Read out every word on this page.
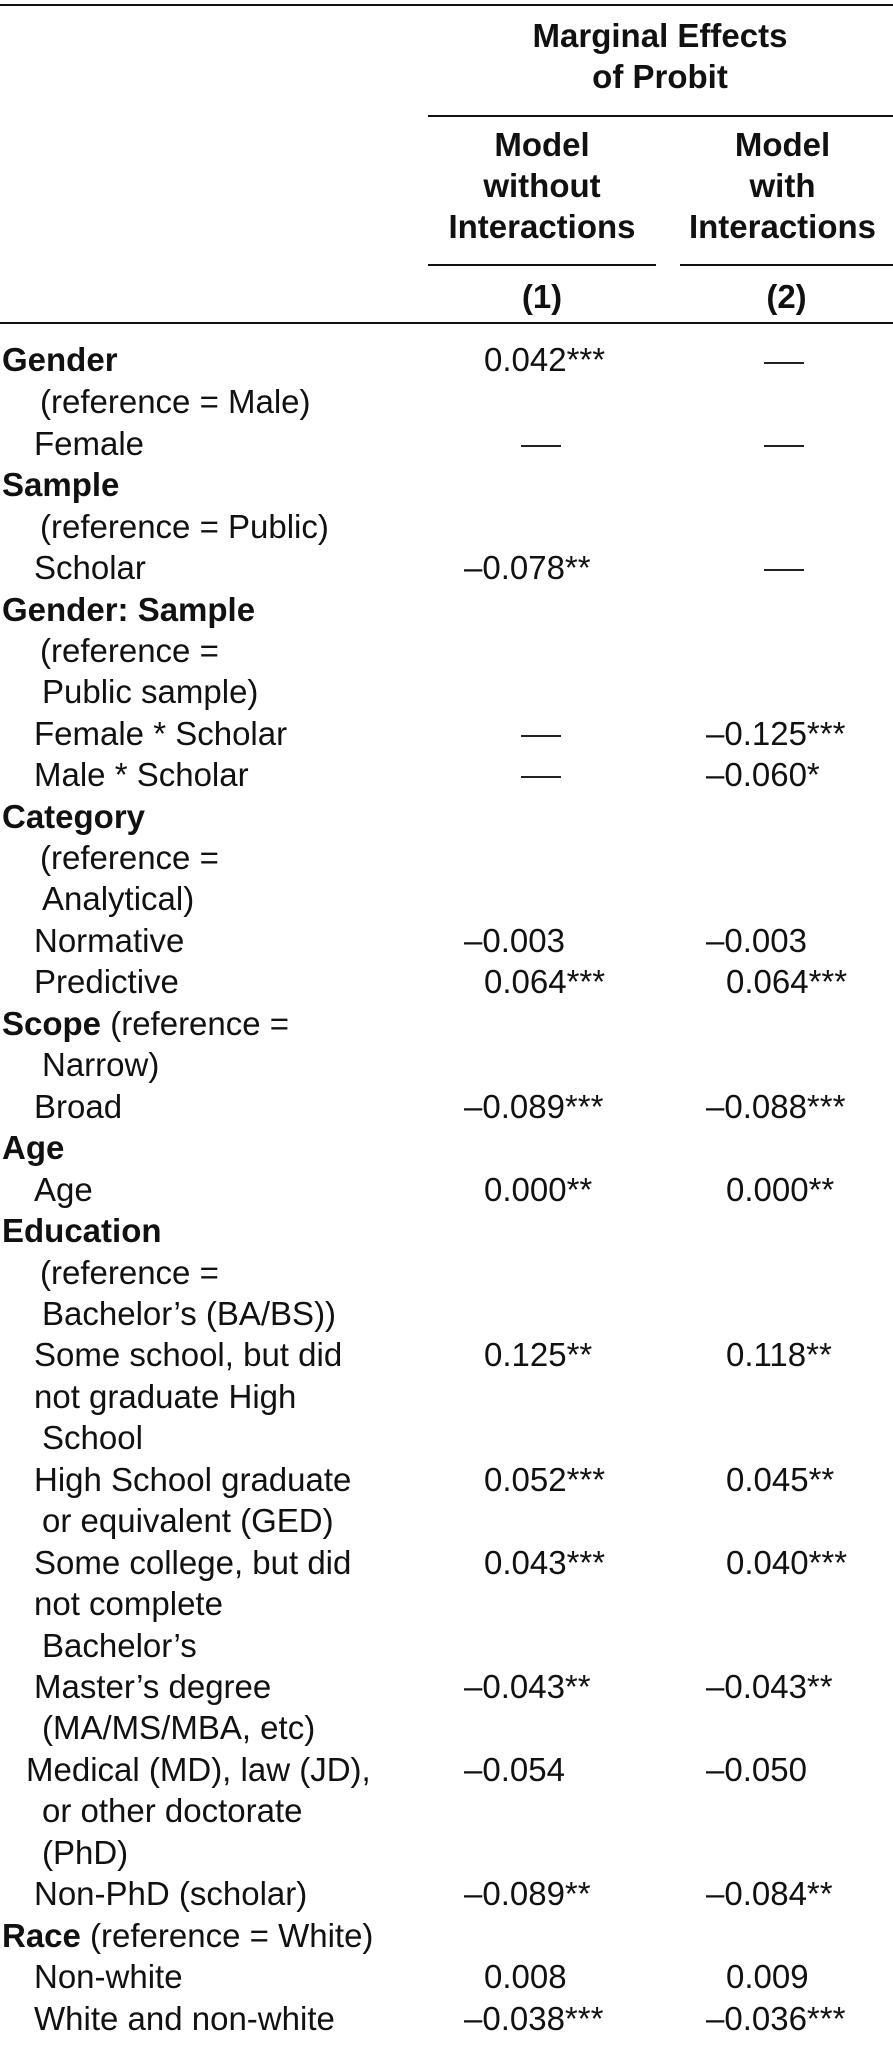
Marginal Effects
of Probit
Model
without
Interactions
Model
with
Interactions
(1)	(2)
Gender
(reference = Male)
Female
Sample
(reference = Public)
Scholar
Gender: Sample
(reference =
Public sample)
Female * Scholar
Male * Scholar
Category
(reference =
Analytical)
Normative
Predictive
Scope (reference =
Narrow)
Broad
Age
Age
Education
(reference =
Bachelor’s (BA/BS))
Some school, but did
not graduate High
School
High School graduate
or equivalent (GED)
Some college, but did
not complete
Bachelor’s
Master’s degree
(MA/MS/MBA, etc)
Medical (MD), law (JD),
or other doctorate
(PhD)
Non-PhD (scholar)
Race (reference = White)
Non-white
White and non-white
0.042***
–0.078**
–0.003
0.064***
–0.089***
0.000**
0.125**
0.052***
0.043***
–0.043**
–0.054
–0.089**
0.008
–0.038***
–0.125***
–0.060*
–0.003
0.064***
–0.088***
0.000**
0.118**
0.045**
0.040***
–0.043**
–0.050
–0.084**
0.009
–0.036***
